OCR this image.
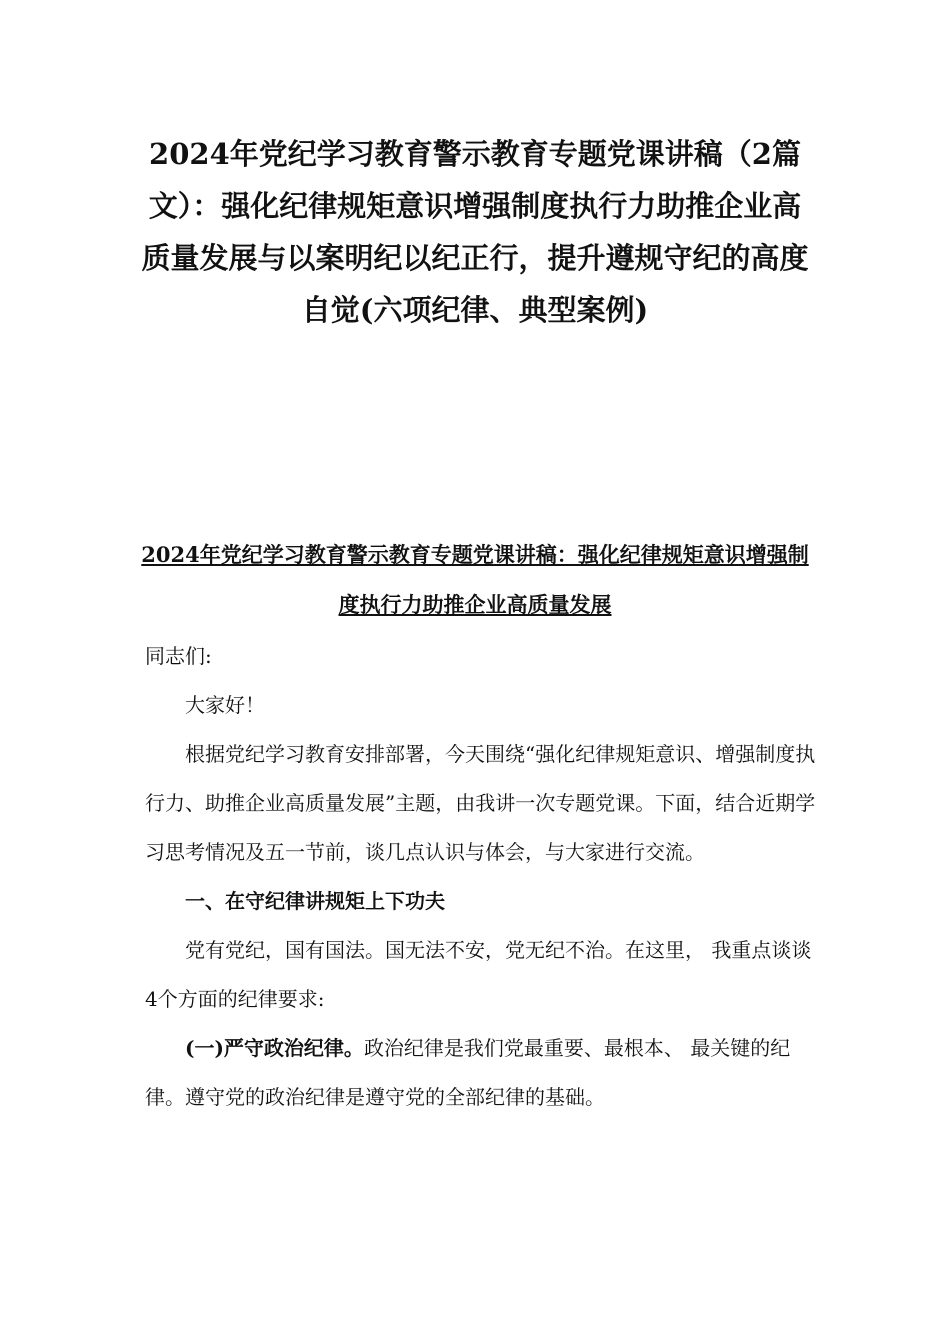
2024年党纪学习教育警示教育专题党课讲稿（2篇文）：强化纪律规矩意识增强制度执行力助推企业高质量发展与以案明纪以纪正行，提升遵规守纪的高度自觉(六项纪律、典型案例)
2024年党纪学习教育警示教育专题党课讲稿：强化纪律规矩意识增强制度执行力助推企业高质量发展

同志们:

大家好！

根据党纪学习教育安排部署，今天围绕“强化纪律规矩意识、增强制度执行力、助推企业高质量发展”主题，由我讲一次专题党课。下面，结合近期学习思考情况及五一节前，谈几点认识与体会，与大家进行交流。

一、在守纪律讲规矩上下功夫

党有党纪，国有国法。国无法不安，党无纪不治。在这里， 我重点谈谈4个方面的纪律要求:

(一)严守政治纪律。政治纪律是我们党最重要、最根本、 最关键的纪律。遵守党的政治纪律是遵守党的全部纪律的基础。
